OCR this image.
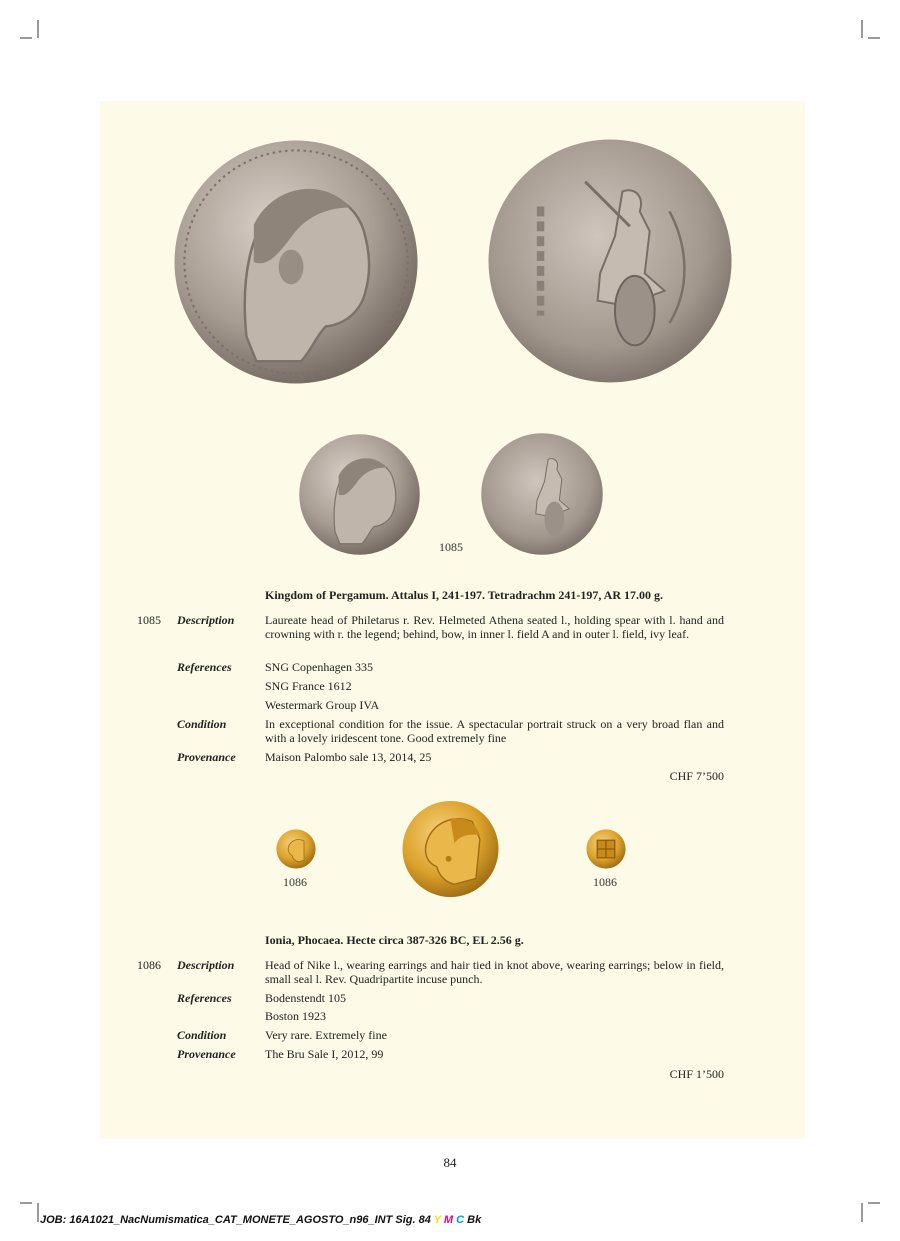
1085
Kingdom of Pergamum. Attalus I, 241-197. Tetradrachm 241-197, AR 17.00 g.
1085 Description	Laureate head of Philetarus r. Rev. Helmeted Athena seated l., holding spear with l. hand and crowning with r. the legend; behind, bow, in inner l. field A and in outer l. field, ivy leaf.
References	SNG Copenhagen 335
SNG France 1612
Westermark Group IVA
Condition	In exceptional condition for the issue. A spectacular portrait struck on a very broad flan and with a lovely iridescent tone. Good extremely fine
Provenance Maison Palombo sale 13, 2014, 25
CHF 7’500
1086	1086
Ionia, Phocaea. Hecte circa 387-326 BC, EL 2.56 g.
1086 Description	Head of Nike l., wearing earrings and hair tied in knot above, wearing earrings; below in field, small seal l. Rev. Quadripartite incuse punch.
References	Bodenstendt 105
Boston 1923
Condition	Very rare. Extremely fine
Provenance The Bru Sale I, 2012, 99
CHF 1’500
84
JOB: 16A1021_NacNumismatica_CAT_MONETE_AGOSTO_n96_INT Sig. 84 Y M C Bk
